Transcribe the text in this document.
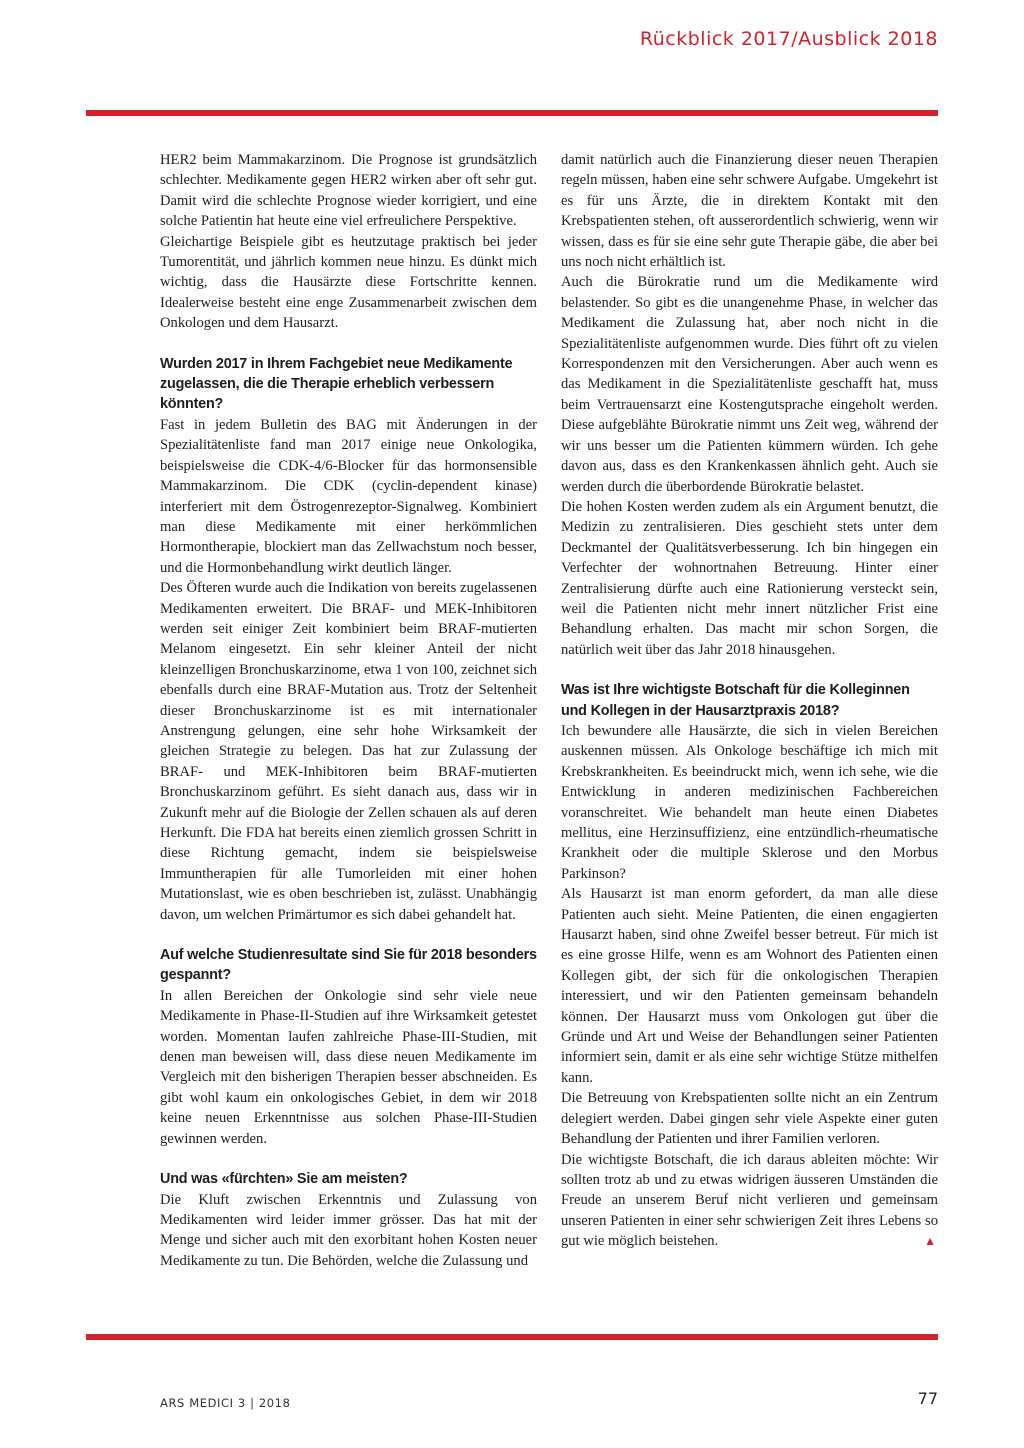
Rückblick 2017/Ausblick 2018

HER2 beim Mammakarzinom. Die Prognose ist grundsätzlich schlechter. Medikamente gegen HER2 wirken aber oft sehr gut. Damit wird die schlechte Prognose wieder korrigiert, und eine solche Patientin hat heute eine viel erfreulichere Perspektive.

Gleichartige Beispiele gibt es heutzutage praktisch bei jeder Tumorentität, und jährlich kommen neue hinzu. Es dünkt mich wichtig, dass die Hausärzte diese Fortschritte kennen. Idealerweise besteht eine enge Zusammenarbeit zwischen dem Onkologen und dem Hausarzt.

Wurden 2017 in Ihrem Fachgebiet neue Medikamente zugelassen, die die Therapie erheblich verbessern könnten?

Fast in jedem Bulletin des BAG mit Änderungen in der Spezialitätenliste fand man 2017 einige neue Onkologika, beispielsweise die CDK-4/6-Blocker für das hormonsensible Mammakarzinom. Die CDK (cyclin-dependent kinase) interferiert mit dem Östrogenrezeptor-Signalweg. Kombiniert man diese Medikamente mit einer herkömmlichen Hormontherapie, blockiert man das Zellwachstum noch besser, und die Hormonbehandlung wirkt deutlich länger.

Des Öfteren wurde auch die Indikation von bereits zugelassenen Medikamenten erweitert. Die BRAF- und MEK-Inhibitoren werden seit einiger Zeit kombiniert beim BRAF-mutierten Melanom eingesetzt. Ein sehr kleiner Anteil der nicht kleinzelligen Bronchuskarzinome, etwa 1 von 100, zeichnet sich ebenfalls durch eine BRAF-Mutation aus. Trotz der Seltenheit dieser Bronchuskarzinome ist es mit internationaler Anstrengung gelungen, eine sehr hohe Wirksamkeit der gleichen Strategie zu belegen. Das hat zur Zulassung der BRAF- und MEK-Inhibitoren beim BRAF-mutierten Bronchuskarzinom geführt. Es sieht danach aus, dass wir in Zukunft mehr auf die Biologie der Zellen schauen als auf deren Herkunft. Die FDA hat bereits einen ziemlich grossen Schritt in diese Richtung gemacht, indem sie beispielsweise Immuntherapien für alle Tumorleiden mit einer hohen Mutationslast, wie es oben beschrieben ist, zulässt. Unabhängig davon, um welchen Primärtumor es sich dabei gehandelt hat.

Auf welche Studienresultate sind Sie für 2018 besonders gespannt?

In allen Bereichen der Onkologie sind sehr viele neue Medikamente in Phase-II-Studien auf ihre Wirksamkeit getestet worden. Momentan laufen zahlreiche Phase-III-Studien, mit denen man beweisen will, dass diese neuen Medikamente im Vergleich mit den bisherigen Therapien besser abschneiden. Es gibt wohl kaum ein onkologisches Gebiet, in dem wir 2018 keine neuen Erkenntnisse aus solchen Phase-III-Studien gewinnen werden.

Und was «fürchten» Sie am meisten?

Die Kluft zwischen Erkenntnis und Zulassung von Medikamenten wird leider immer grösser. Das hat mit der Menge und sicher auch mit den exorbitant hohen Kosten neuer Medikamente zu tun. Die Behörden, welche die Zulassung und

damit natürlich auch die Finanzierung dieser neuen Therapien regeln müssen, haben eine sehr schwere Aufgabe. Umgekehrt ist es für uns Ärzte, die in direktem Kontakt mit den Krebspatienten stehen, oft ausserordentlich schwierig, wenn wir wissen, dass es für sie eine sehr gute Therapie gäbe, die aber bei uns noch nicht erhältlich ist.

Auch die Bürokratie rund um die Medikamente wird belastender. So gibt es die unangenehme Phase, in welcher das Medikament die Zulassung hat, aber noch nicht in die Spezialitätenliste aufgenommen wurde. Dies führt oft zu vielen Korrespondenzen mit den Versicherungen. Aber auch wenn es das Medikament in die Spezialitätenliste geschafft hat, muss beim Vertrauensarzt eine Kostengutsprache eingeholt werden. Diese aufgeblähte Bürokratie nimmt uns Zeit weg, während der wir uns besser um die Patienten kümmern würden. Ich gehe davon aus, dass es den Krankenkassen ähnlich geht. Auch sie werden durch die überbordende Bürokratie belastet.

Die hohen Kosten werden zudem als ein Argument benutzt, die Medizin zu zentralisieren. Dies geschieht stets unter dem Deckmantel der Qualitätsverbesserung. Ich bin hingegen ein Verfechter der wohnortnahen Betreuung. Hinter einer Zentralisierung dürfte auch eine Rationierung versteckt sein, weil die Patienten nicht mehr innert nützlicher Frist eine Behandlung erhalten. Das macht mir schon Sorgen, die natürlich weit über das Jahr 2018 hinausgehen.

Was ist Ihre wichtigste Botschaft für die Kolleginnen und Kollegen in der Hausarztpraxis 2018?

Ich bewundere alle Hausärzte, die sich in vielen Bereichen auskennen müssen. Als Onkologe beschäftige ich mich mit Krebskrankheiten. Es beeindruckt mich, wenn ich sehe, wie die Entwicklung in anderen medizinischen Fachbereichen voranschreitet. Wie behandelt man heute einen Diabetes mellitus, eine Herzinsuffizienz, eine entzündlich-rheumatische Krankheit oder die multiple Sklerose und den Morbus Parkinson?

Als Hausarzt ist man enorm gefordert, da man alle diese Patienten auch sieht. Meine Patienten, die einen engagierten Hausarzt haben, sind ohne Zweifel besser betreut. Für mich ist es eine grosse Hilfe, wenn es am Wohnort des Patienten einen Kollegen gibt, der sich für die onkologischen Therapien interessiert, und wir den Patienten gemeinsam behandeln können. Der Hausarzt muss vom Onkologen gut über die Gründe und Art und Weise der Behandlungen seiner Patienten informiert sein, damit er als eine sehr wichtige Stütze mithelfen kann.

Die Betreuung von Krebspatienten sollte nicht an ein Zentrum delegiert werden. Dabei gingen sehr viele Aspekte einer guten Behandlung der Patienten und ihrer Familien verloren.

Die wichtigste Botschaft, die ich daraus ableiten möchte: Wir sollten trotz ab und zu etwas widrigen äusseren Umständen die Freude an unserem Beruf nicht verlieren und gemeinsam unseren Patienten in einer sehr schwierigen Zeit ihres Lebens so gut wie möglich beistehen.	▲

ARS MEDICI 3 | 2018	77
